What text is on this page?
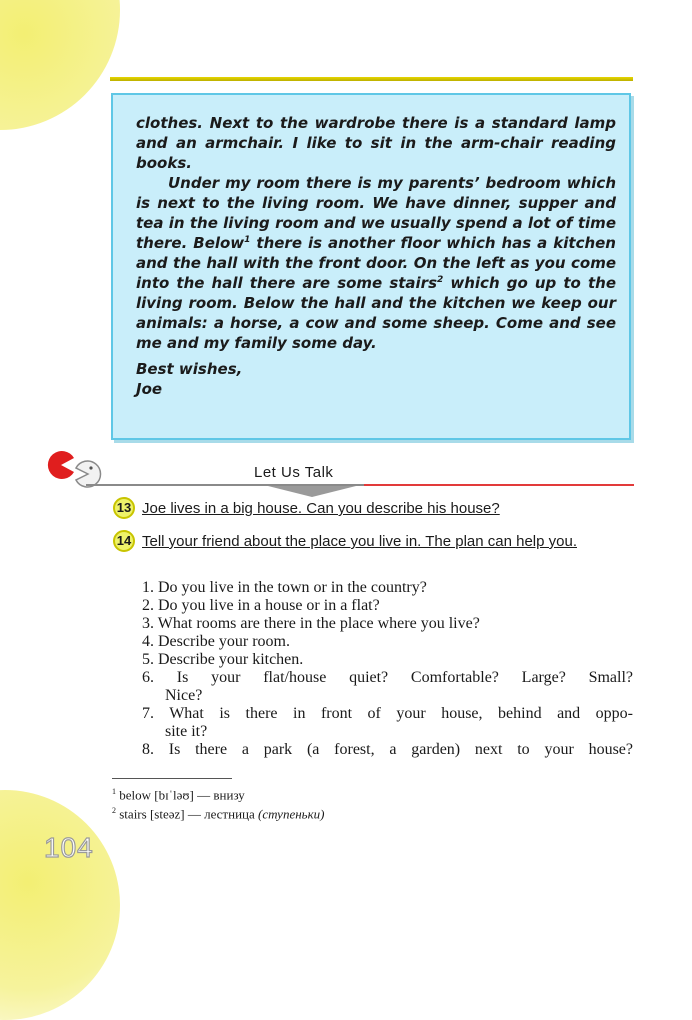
clothes. Next to the wardrobe there is a standard lamp and an armchair. I like to sit in the arm-chair reading books.

Under my room there is my parents’ bedroom which is next to the living room. We have dinner, supper and tea in the living room and we usually spend a lot of time there. Below$^1$ there is another floor which has a kitchen and the hall with the front door. On the left as you come into the hall there are some stairs$^2$ which go up to the living room. Below the hall and the kitchen we keep our animals: a horse, a cow and some sheep. Come and see me and my family some day.

Best wishes,

Joe

Let Us Talk
13 Joe lives in a big house. Can you describe his house?
14 Tell your friend about the place you live in. The plan can help you.
1. Do you live in the town or in the country?
2. Do you live in a house or in a flat?
3. What rooms are there in the place where you live?
4. Describe your room.
5. Describe your kitchen.
6. Is your flat/house quiet? Comfortable? Large? Small?
Nice?
7. What is there in front of your house, behind and oppo-
site it?
8. Is there a park (a forest, a garden) next to your house?
$^1$ below [bɪˈləʊ] — внизу
$^2$ stairs [steəz] — лестница (ступеньки)
104
